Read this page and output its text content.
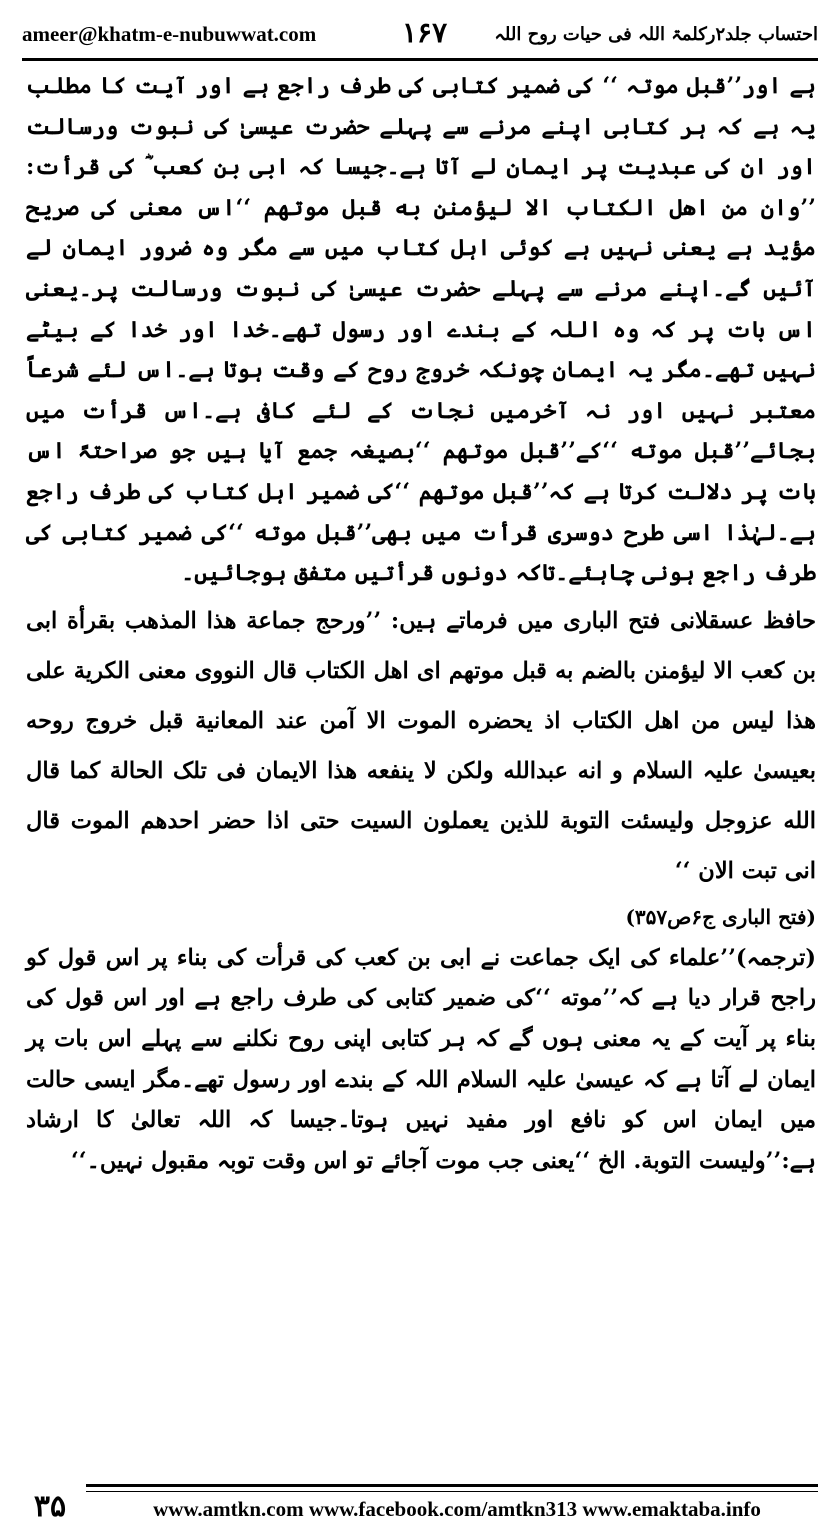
ameer@khatm-e-nubuwwat.com	۱۶۷	احتساب جلد۲رکلمۃ اللہ فی حیات روح اللہ

ہے اور’’قبل موتہ ‘‘ کی ضمیر کتابی کی طرف راجع ہے اور آیت کا مطلب یہ ہے کہ ہر کتابی اپنے مرنے سے پہلے حضرت عیسیٰ کی نبوت ورسالت اور ان کی عبدیت پر ایمان لے آتا ہے۔جیسا کہ ابی بن کعب ؓ کی قرأت: ’’وان من اهل الکتاب الا لیؤمنن به قبل موتهم ‘‘اس معنی کی صریح مؤید ہے یعنی نہیں ہے کوئی اہل کتاب میں سے مگر وہ ضرور ایمان لے آئیں گے۔اپنے مرنے سے پہلے حضرت عیسیٰ کی نبوت ورسالت پر۔یعنی اس بات پر کہ وہ اللہ کے بندے اور رسول تھے۔خدا اور خدا کے بیٹے نہیں تھے۔مگر یہ ایمان چونکہ خروج روح کے وقت ہوتا ہے۔اس لئے شرعاً معتبر نہیں اور نہ آخرمیں نجات کے لئے کافی ہے۔اس قرأت میں بجائے’’قبل موته ‘‘کے’’قبل موتهم ‘‘بصیغہ جمع آیا ہیں جو صراحتہً اس بات پر دلالت کرتا ہے کہ’’قبل موتهم ‘‘کی ضمیر اہل کتاب کی طرف راجع ہے۔لہٰذا اسی طرح دوسری قرأت میں بھی’’قبل موته ‘‘کی ضمیر کتابی کی طرف راجع ہونی چاہئے۔تاکہ دونوں قرأتیں متفق ہوجائیں۔

حافظ عسقلانی فتح الباری میں فرماتے ہیں: ’’ورحج جماعة هذا المذهب بقرأة ابی بن کعب الا لیؤمنن بالضم به قبل موتهم ای اهل الکتاب قال النووی معنی الکریة علی هذا لیس من اهل الکتاب اذ یحضره الموت الا آمن عند المعانیة قبل خروج روحه بعیسیٰ علیہ السلام و انه عبدالله ولکن لا ینفعه هذا الایمان فی تلک الحالة کما قال الله عزوجل ولیسئت التوبة للذین یعملون السیت حتی اذا حضر احدهم الموت قال انی تبت الان ‘‘

(فتح الباری ج۶ص۳۵۷)

(ترجمہ)’’علماء کی ایک جماعت نے ابی بن کعب کی قرأت کی بناء پر اس قول کو راجح قرار دیا ہے کہ’’موته ‘‘کی ضمیر کتابی کی طرف راجع ہے اور اس قول کی بناء پر آیت کے یہ معنی ہوں گے کہ ہر کتابی اپنی روح نکلنے سے پہلے اس بات پر ایمان لے آتا ہے کہ عیسیٰ علیہ السلام اللہ کے بندے اور رسول تھے۔مگر ایسی حالت میں ایمان اس کو نافع اور مفید نہیں ہوتا۔جیسا کہ اللہ تعالیٰ کا ارشاد ہے:’’ولیست التوبة. الخ ‘‘یعنی جب موت آجائے تو اس وقت توبہ مقبول نہیں۔‘‘

۳۵	www.amtkn.com www.facebook.com/amtkn313 www.emaktaba.info
